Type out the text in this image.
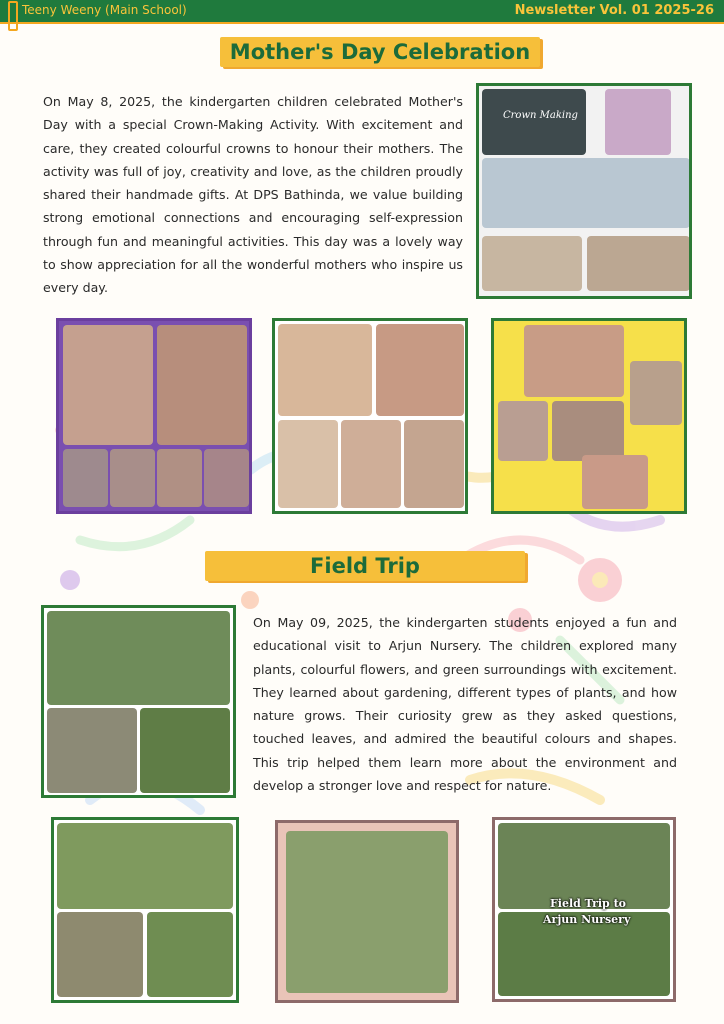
Teeny Weeny (Main School)	Newsletter Vol. 01 2025-26
Mother's Day Celebration

On May 8, 2025, the kindergarten children celebrated Mother's Day with a special Crown-Making Activity. With excitement and care, they created colourful crowns to honour their mothers. The activity was full of joy, creativity and love, as the children proudly shared their handmade gifts. At DPS Bathinda, we value building strong emotional connections and encouraging self-expression through fun and meaningful activities. This day was a lovely way to show appreciation for all the wonderful mothers who inspire us every day.

Crown Making
Field Trip

On May 09, 2025, the kindergarten students enjoyed a fun and educational visit to Arjun Nursery. The children explored many plants, colourful flowers, and green surroundings with excitement. They learned about gardening, different types of plants, and how nature grows. Their curiosity grew as they asked questions, touched leaves, and admired the beautiful colours and shapes. This trip helped them learn more about the environment and develop a stronger love and respect for nature.

Field Trip to
Arjun Nursery
